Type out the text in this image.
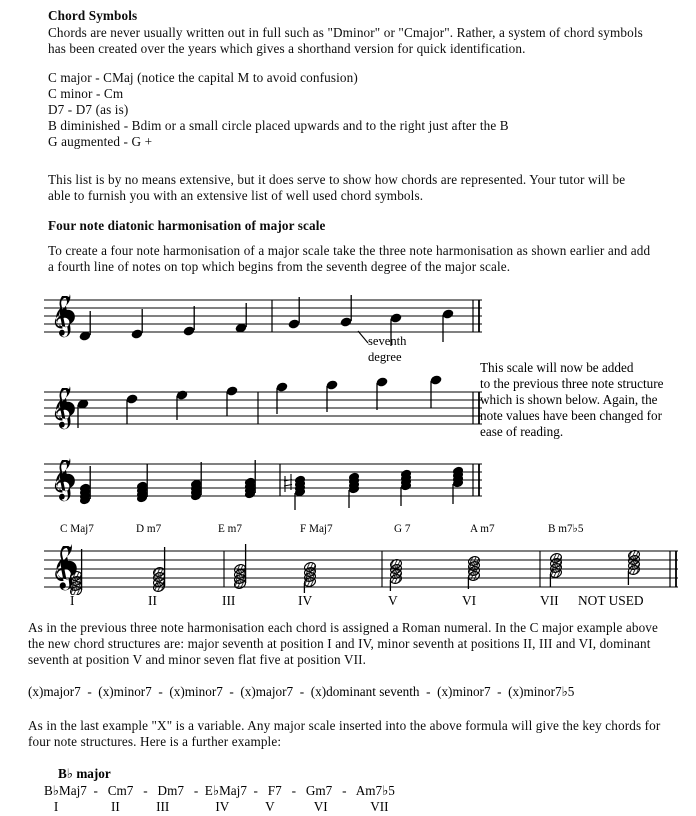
Chord Symbols
Chords are never usually written out in full such as "Dminor" or "Cmajor". Rather, a system of chord symbols
has been created over the years which gives a shorthand version for quick identification.
C major - CMaj (notice the capital M to avoid confusion)
C minor - Cm
D7 - D7 (as is)
B diminished - Bdim or a small circle placed upwards and to the right just after the B
G augmented - G +
This list is by no means extensive, but it does serve to show how chords are represented. Your tutor will be
able to furnish you with an extensive list of well used chord symbols.
Four note diatonic harmonisation of major scale
To create a four note harmonisation of a major scale take the three note harmonisation as shown earlier and add
a fourth line of notes on top which begins from the seventh degree of the major scale.
seventh
degree
This scale will now be added
to the previous three note structure
which is shown below. Again, the
note values have been changed for
ease of reading.
C Maj7	D m7	E m7	F Maj7	G 7	A m7	B m7♭5
I	II	III	IV	V	VI	VII NOT USED
As in the previous three note harmonisation each chord is assigned a Roman numeral. In the C major example above
the new chord structures are: major seventh at position I and IV, minor seventh at positions II, III and VI, dominant
seventh at position V and minor seven flat five at position VII.
(x)major7  -  (x)minor7  -  (x)minor7  -  (x)major7  -  (x)dominant seventh  -  (x)minor7  -  (x)minor7♭5
As in the last example "X" is a variable. Any major scale inserted into the above formula will give the key chords for
four note structures. Here is a further example:
B♭ major
B♭Maj7  -   Cm7   -   Dm7   -  E♭Maj7  -   F7   -   Gm7   -   Am7♭5
I                II           III              IV           V            VI             VII
